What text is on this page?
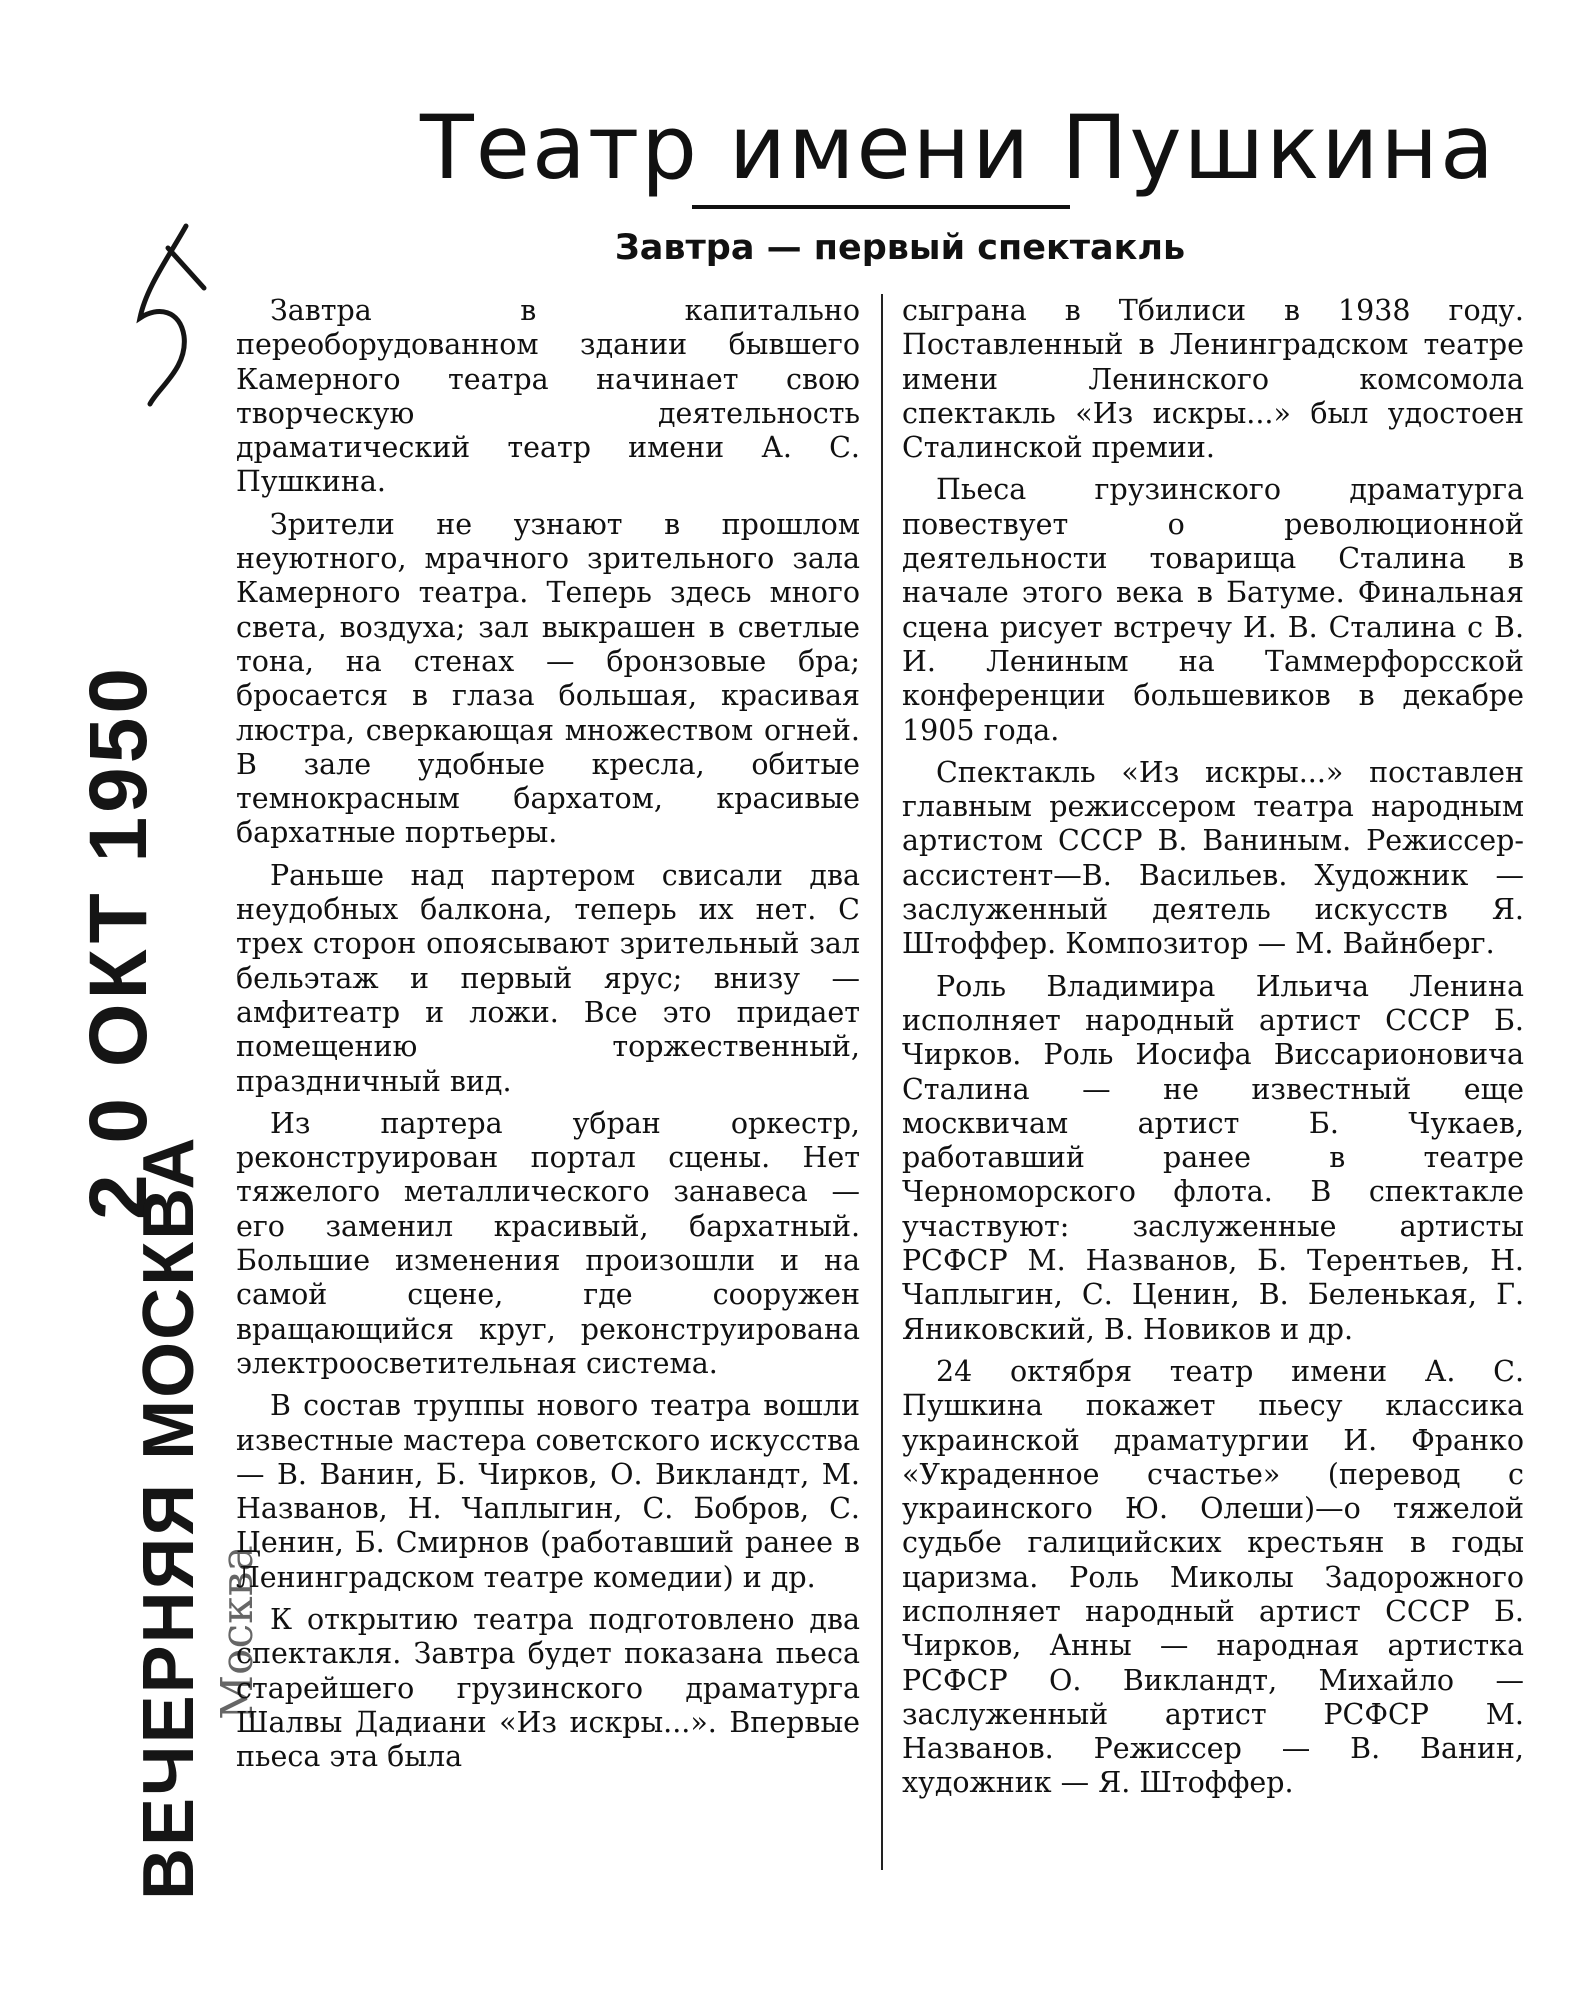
2 0 ОКТ 1950
ВЕЧЕРНЯЯ МОСКВА Москва
Театр имени Пушкина
Завтра — первый спектакль

Завтра в капитально переоборудованном здании бывшего Камерного театра начинает свою творческую деятельность драматический театр имени А. С. Пушкина.

Зрители не узнают в прошлом неуютного, мрачного зрительного зала Камерного театра. Теперь здесь много света, воздуха; зал выкрашен в светлые тона, на стенах — бронзовые бра; бросается в глаза большая, красивая люстра, сверкающая множеством огней. В зале удобные кресла, обитые темнокрасным бархатом, красивые бархатные портьеры.

Раньше над партером свисали два неудобных балкона, теперь их нет. С трех сторон опоясывают зрительный зал бельэтаж и первый ярус; внизу — амфитеатр и ложи. Все это придает помещению торжественный, праздничный вид.

Из партера убран оркестр, реконструирован портал сцены. Нет тяжелого металлического занавеса — его заменил красивый, бархатный. Большие изменения произошли и на самой сцене, где сооружен вращающийся круг, реконструирована электроосветительная система.

В состав труппы нового театра вошли известные мастера советского искусства — В. Ванин, Б. Чирков, О. Викландт, М. Названов, Н. Чаплыгин, С. Бобров, С. Ценин, Б. Смирнов (работавший ранее в Ленинградском театре комедии) и др.

К открытию театра подготовлено два спектакля. Завтра будет показана пьеса старейшего грузинского драматурга Шалвы Дадиани «Из искры...». Впервые пьеса эта была

сыграна в Тбилиси в 1938 году. Поставленный в Ленинградском театре имени Ленинского комсомола спектакль «Из искры...» был удостоен Сталинской премии.

Пьеса грузинского драматурга повествует о революционной деятельности товарища Сталина в начале этого века в Батуме. Финальная сцена рисует встречу И. В. Сталина с В. И. Лениным на Таммерфорсской конференции большевиков в декабре 1905 года.

Спектакль «Из искры...» поставлен главным режиссером театра народным артистом СССР В. Ваниным. Режиссер-ассистент—В. Васильев. Художник — заслуженный деятель искусств Я. Штоффер. Композитор — М. Вайнберг.

Роль Владимира Ильича Ленина исполняет народный артист СССР Б. Чирков. Роль Иосифа Виссарионовича Сталина — не известный еще москвичам артист Б. Чукаев, работавший ранее в театре Черноморского флота. В спектакле участвуют: заслуженные артисты РСФСР М. Названов, Б. Терентьев, Н. Чаплыгин, С. Ценин, В. Беленькая, Г. Яниковский, В. Новиков и др.

24 октября театр имени А. С. Пушкина покажет пьесу классика украинской драматургии И. Франко «Украденное счастье» (перевод с украинского Ю. Олеши)—о тяжелой судьбе галицийских крестьян в годы царизма. Роль Миколы Задорожного исполняет народный артист СССР Б. Чирков, Анны — народная артистка РСФСР О. Викландт, Михайло — заслуженный артист РСФСР М. Названов. Режиссер — В. Ванин, художник — Я. Штоффер.
